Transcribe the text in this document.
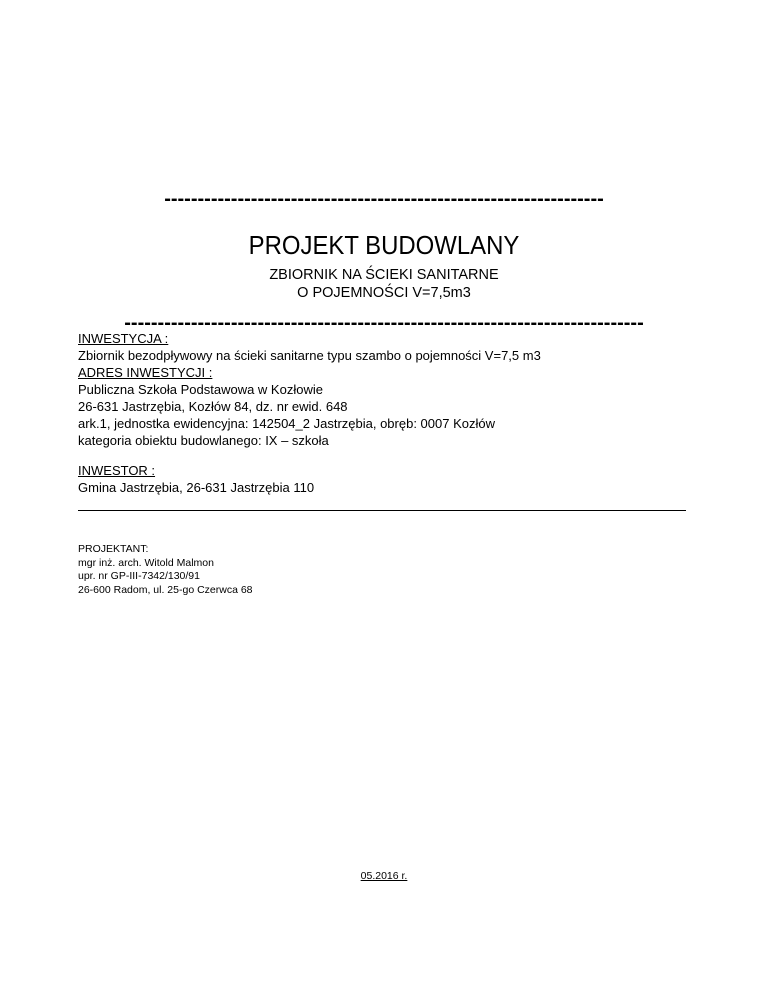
------------------------------------------------------------------
PROJEKT BUDOWLANY
ZBIORNIK NA ŚCIEKI SANITARNE
O POJEMNOŚCI V=7,5m3
------------------------------------------------------------------------------
INWESTYCJA :
Zbiornik bezodpływowy na ścieki sanitarne typu szambo o pojemności V=7,5 m3
ADRES INWESTYCJI :
Publiczna Szkoła Podstawowa w Kozłowie
26-631 Jastrzębia, Kozłów 84, dz. nr ewid. 648
ark.1, jednostka ewidencyjna: 142504_2 Jastrzębia, obręb: 0007 Kozłów
kategoria obiektu budowlanego: IX – szkoła
INWESTOR :
Gmina Jastrzębia, 26-631 Jastrzębia 110
PROJEKTANT:
mgr inż. arch. Witold Malmon
upr. nr GP-III-7342/130/91
26-600 Radom, ul. 25-go Czerwca 68
05.2016 r.
